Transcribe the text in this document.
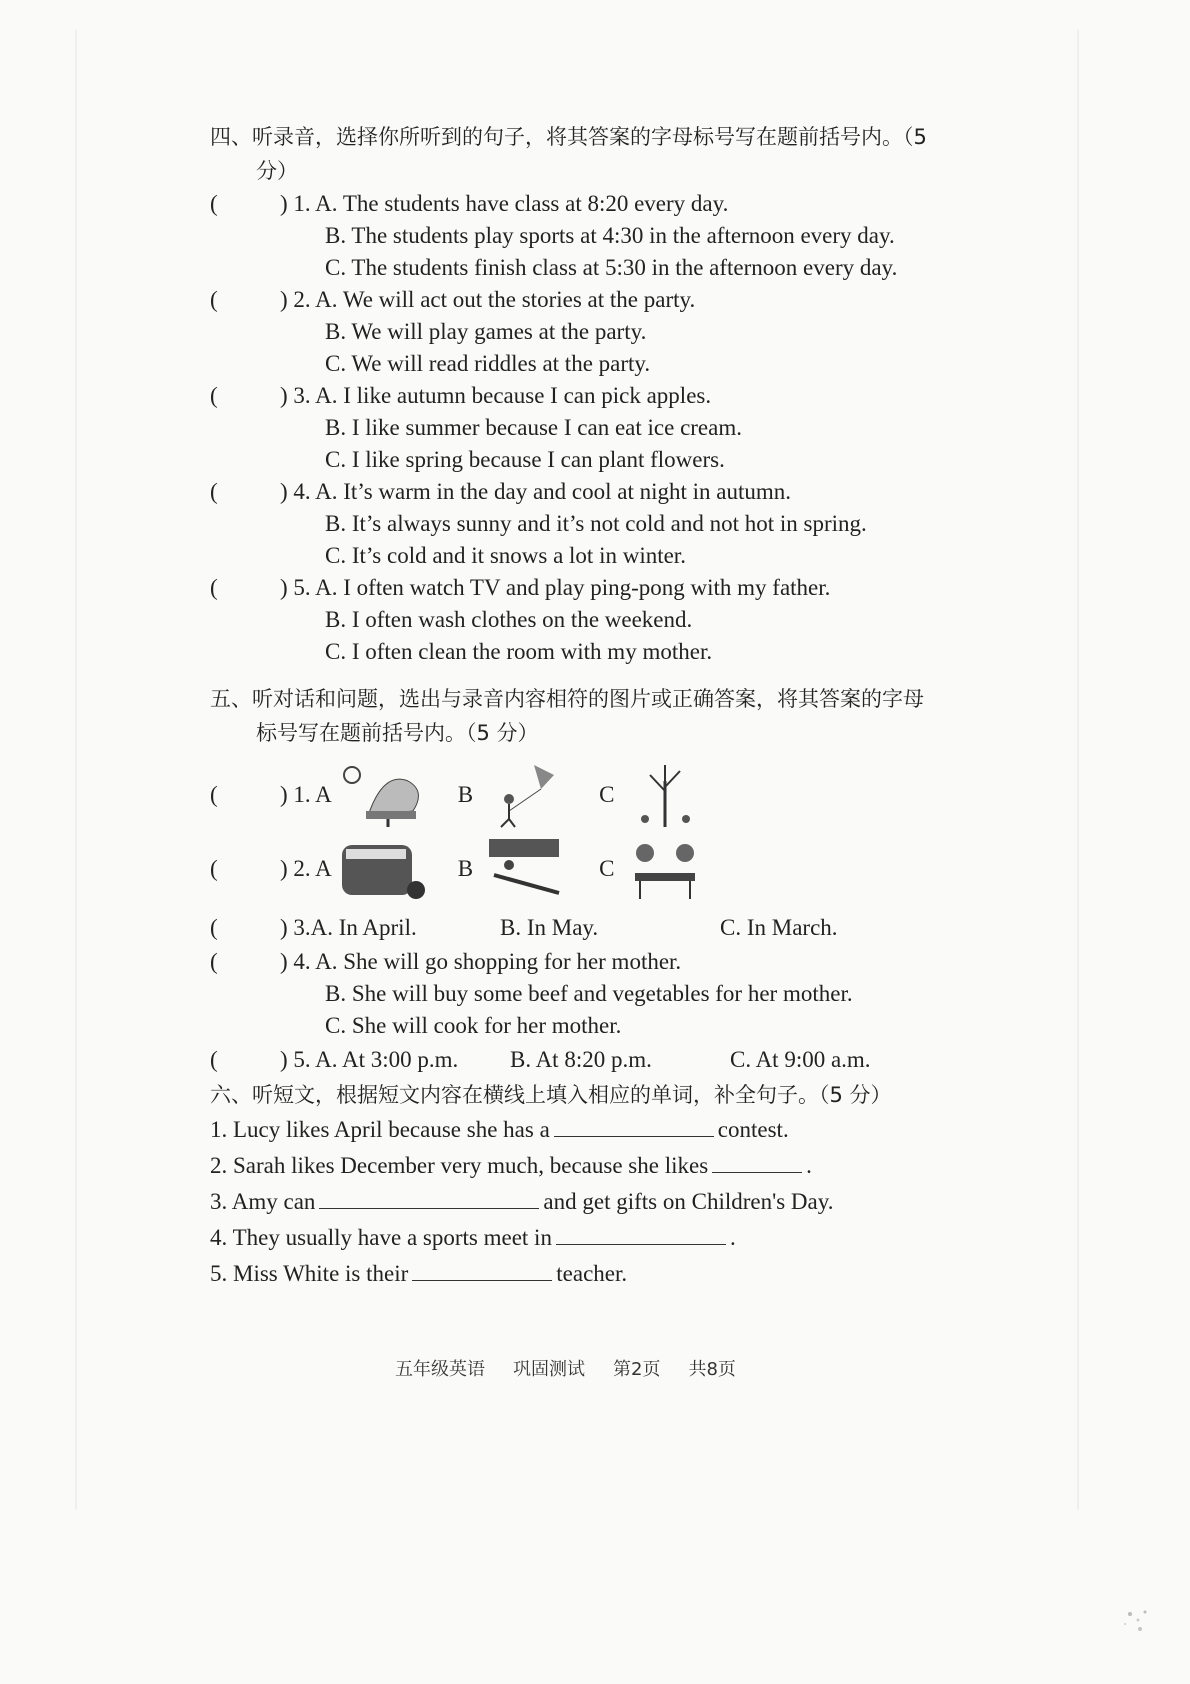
四、听录音，选择你所听到的句子，将其答案的字母标号写在题前括号内。（5
分）
(	) 1. A. The students have class at 8:20 every day.
B. The students play sports at 4:30 in the afternoon every day.
C. The students finish class at 5:30 in the afternoon every day.
(	) 2. A. We will act out the stories at the party.
B. We will play games at the party.
C. We will read riddles at the party.
(	) 3. A. I like autumn because I can pick apples.
B. I like summer because I can eat ice cream.
C. I like spring because I can plant flowers.
(	) 4. A. It’s warm in the day and cool at night in autumn.
B. It’s always sunny and it’s not cold and not hot in spring.
C. It’s cold and it snows a lot in winter.
(	) 5. A. I often watch TV and play ping-pong with my father.
B. I often wash clothes on the weekend.
C. I often clean the room with my mother.
五、听对话和问题，选出与录音内容相符的图片或正确答案，将其答案的字母
标号写在题前括号内。（5 分）
(	) 1. A	B	C
(	) 2. A	B	C
(	) 3.A. In April.	B. In May.	C. In March.
(	) 4. A. She will go shopping for her mother.
B. She will buy some beef and vegetables for her mother.
C. She will cook for her mother.
(	) 5. A. At 3:00 p.m. B. At 8:20 p.m.	C. At 9:00 a.m.
六、听短文，根据短文内容在横线上填入相应的单词，补全句子。（5 分）
1. Lucy likes April because she has a	contest.
2. Sarah likes December very much, because she likes	.
3. Amy can	and get gifts on Children's Day.
4. They usually have a sports meet in	.
5. Miss White is their	teacher.
五年级英语 巩固测试 第2页 共8页
